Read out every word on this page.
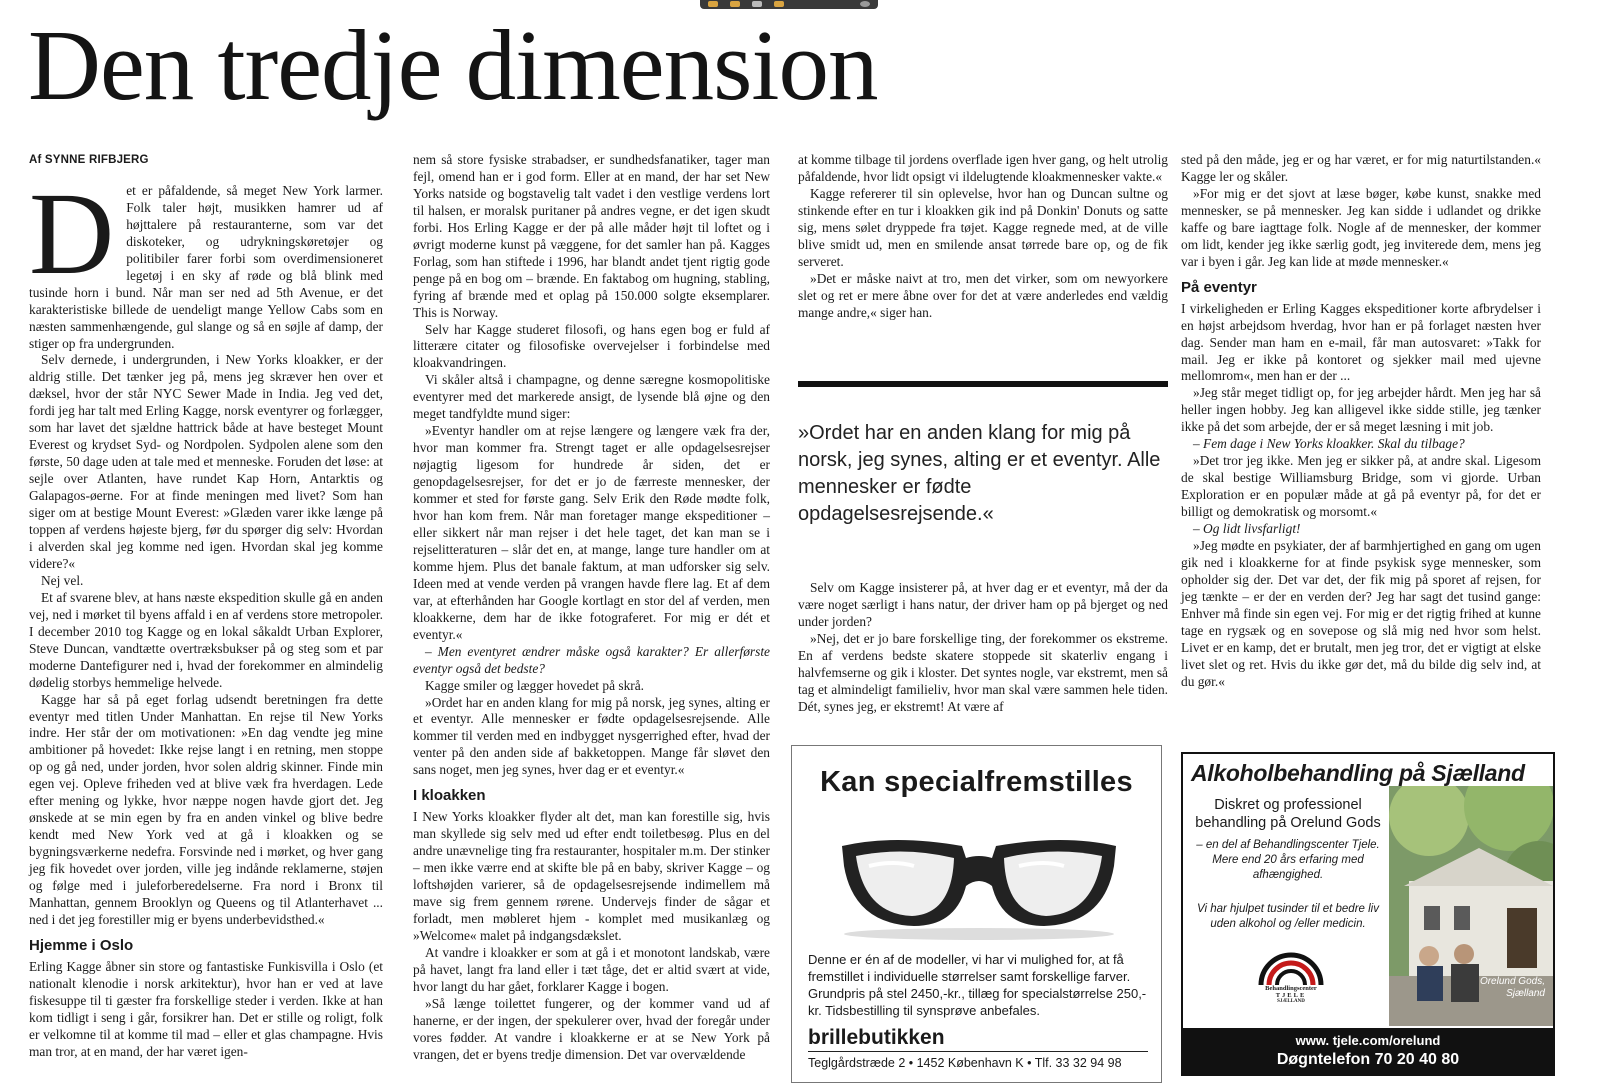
Den tredje dimension
Af SYNNE RIFBJERG
D et er påfaldende, så meget New York larmer. Folk taler højt, musikken hamrer ud af højttalere på restauranterne, som var det diskoteker, og udrykningskøretøjer og politibiler farer forbi som overdimensioneret legetøj i en sky af røde og blå blink med tusinde horn i bund. Når man ser ned ad 5th Avenue, er det karakteristiske billede de uendeligt mange Yellow Cabs som en næsten sammenhængende, gul slange og så en søjle af damp, der stiger op fra undergrunden.

Selv dernede, i undergrunden, i New Yorks kloakker, er der aldrig stille. Det tænker jeg på, mens jeg skræver hen over et dæksel, hvor der står NYC Sewer Made in India. Jeg ved det, fordi jeg har talt med Erling Kagge, norsk eventyrer og forlægger, som har lavet det sjældne hattrick både at have besteget Mount Everest og krydset Syd- og Nordpolen. Sydpolen alene som den første, 50 dage uden at tale med et menneske. Foruden det løse: at sejle over Atlanten, have rundet Kap Horn, Antarktis og Galapagos-øerne. For at finde meningen med livet? Som han siger om at bestige Mount Everest: »Glæden varer ikke længe på toppen af verdens højeste bjerg, før du spørger dig selv: Hvordan i alverden skal jeg komme ned igen. Hvordan skal jeg komme videre?«

Nej vel.

Et af svarene blev, at hans næste ekspedition skulle gå en anden vej, ned i mørket til byens affald i en af verdens store metropoler. I december 2010 tog Kagge og en lokal såkaldt Urban Explorer, Steve Duncan, vandtætte overtræksbukser på og steg som et par moderne Dantefigurer ned i, hvad der forekommer en almindelig dødelig storbys hemmelige helvede.

Kagge har så på eget forlag udsendt beretningen fra dette eventyr med titlen Under Manhattan. En rejse til New Yorks indre. Her står der om motivationen: »En dag vendte jeg mine ambitioner på hovedet: Ikke rejse langt i en retning, men stoppe op og gå ned, under jorden, hvor solen aldrig skinner. Finde min egen vej. Opleve friheden ved at blive væk fra hverdagen. Lede efter mening og lykke, hvor næppe nogen havde gjort det. Jeg ønskede at se min egen by fra en anden vinkel og blive bedre kendt med New York ved at gå i kloakken og se bygningsværkerne nedefra. Forsvinde ned i mørket, og hver gang jeg fik hovedet over jorden, ville jeg indånde reklamerne, støjen og følge med i juleforberedelserne. Fra nord i Bronx til Manhattan, gennem Brooklyn og Queens og til Atlanterhavet ... ned i det jeg forestiller mig er byens underbevidsthed.«

Hjemme i Oslo

Erling Kagge åbner sin store og fantastiske Funkisvilla i Oslo (et nationalt klenodie i norsk arkitektur), hvor han er ved at lave fiskesuppe til ti gæster fra forskellige steder i verden. Ikke at han kom tidligt i seng i går, forsikrer han. Det er stille og roligt, folk er velkomne til at komme til mad – eller et glas champagne. Hvis man tror, at en mand, der har været igen-

nem så store fysiske strabadser, er sundhedsfanatiker, tager man fejl, omend han er i god form. Eller at en mand, der har set New Yorks natside og bogstavelig talt vadet i den vestlige verdens lort til halsen, er moralsk puritaner på andres vegne, er det igen skudt forbi. Hos Erling Kagge er der på alle måder højt til loftet og i øvrigt moderne kunst på væggene, for det samler han på. Kagges Forlag, som han stiftede i 1996, har blandt andet tjent rigtig gode penge på en bog om – brænde. En faktabog om hugning, stabling, fyring af brænde med et oplag på 150.000 solgte eksemplarer. This is Norway.

Selv har Kagge studeret filosofi, og hans egen bog er fuld af litterære citater og filosofiske overvejelser i forbindelse med kloakvandringen.

Vi skåler altså i champagne, og denne særegne kosmopolitiske eventyrer med det markerede ansigt, de lysende blå øjne og den meget tandfyldte mund siger:

»Eventyr handler om at rejse længere og længere væk fra der, hvor man kommer fra. Strengt taget er alle opdagelsesrejser nøjagtig ligesom for hundrede år siden, det er genopdagelsesrejser, for det er jo de færreste mennesker, der kommer et sted for første gang. Selv Erik den Røde mødte folk, hvor han kom frem. Når man foretager mange ekspeditioner – eller sikkert når man rejser i det hele taget, det kan man se i rejselitteraturen – slår det en, at mange, lange ture handler om at komme hjem. Plus det banale faktum, at man udforsker sig selv. Ideen med at vende verden på vrangen havde flere lag. Et af dem var, at efterhånden har Google kortlagt en stor del af verden, men kloakkerne, dem har de ikke fotograferet. For mig er dét et eventyr.«

– Men eventyret ændrer måske også karakter? Er allerførste eventyr også det bedste?

Kagge smiler og lægger hovedet på skrå.

»Ordet har en anden klang for mig på norsk, jeg synes, alting er et eventyr. Alle mennesker er fødte opdagelsesrejsende. Alle kommer til verden med en indbygget nysgerrighed efter, hvad der venter på den anden side af bakketoppen. Mange får sløvet den sans noget, men jeg synes, hver dag er et eventyr.«

I kloakken

I New Yorks kloakker flyder alt det, man kan forestille sig, hvis man skyllede sig selv med ud efter endt toiletbesøg. Plus en del andre unævnelige ting fra restauranter, hospitaler m.m. Der stinker – men ikke værre end at skifte ble på en baby, skriver Kagge – og loftshøjden varierer, så de opdagelsesrejsende indimellem må mave sig frem gennem rørene. Undervejs finder de sågar et forladt, men møbleret hjem - komplet med musikanlæg og »Welcome« malet på indgangsdækslet.

At vandre i kloakker er som at gå i et monotont landskab, være på havet, langt fra land eller i tæt tåge, det er altid svært at vide, hvor langt du har gået, forklarer Kagge i bogen.

»Så længe toilettet fungerer, og der kommer vand ud af hanerne, er der ingen, der spekulerer over, hvad der foregår under vores fødder. At vandre i kloakkerne er at se New York på vrangen, det er byens tredje dimension. Det var overvældende

at komme tilbage til jordens overflade igen hver gang, og helt utrolig påfaldende, hvor lidt opsigt vi ildelugtende kloakmennesker vakte.«

Kagge refererer til sin oplevelse, hvor han og Duncan sultne og stinkende efter en tur i kloakken gik ind på Donkin' Donuts og satte sig, mens sølet dryppede fra tøjet. Kagge regnede med, at de ville blive smidt ud, men en smilende ansat tørrede bare op, og de fik serveret.

»Det er måske naivt at tro, men det virker, som om newyorkere slet og ret er mere åbne over for det at være anderledes end vældig mange andre,« siger han.

»Ordet har en anden klang for mig på norsk, jeg synes, alting er et eventyr. Alle mennesker er fødte opdagelsesrejsende.«

Selv om Kagge insisterer på, at hver dag er et eventyr, må der da være noget særligt i hans natur, der driver ham op på bjerget og ned under jorden?

»Nej, det er jo bare forskellige ting, der forekommer os ekstreme. En af verdens bedste skatere stoppede sit skaterliv engang i halvfemserne og gik i kloster. Det syntes nogle, var ekstremt, men så tag et almindeligt familieliv, hvor man skal være sammen hele tiden. Dét, synes jeg, er ekstremt! At være af

sted på den måde, jeg er og har været, er for mig naturtilstanden.« Kagge ler og skåler.

»For mig er det sjovt at læse bøger, købe kunst, snakke med mennesker, se på mennesker. Jeg kan sidde i udlandet og drikke kaffe og bare iagttage folk. Nogle af de mennesker, der kommer om lidt, kender jeg ikke særlig godt, jeg inviterede dem, mens jeg var i byen i går. Jeg kan lide at møde mennesker.«

På eventyr

I virkeligheden er Erling Kagges ekspeditioner korte afbrydelser i en højst arbejdsom hverdag, hvor han er på forlaget næsten hver dag. Sender man ham en e-mail, får man autosvaret: »Takk for mail. Jeg er ikke på kontoret og sjekker mail med ujevne mellomrom«, men han er der ...

»Jeg står meget tidligt op, for jeg arbejder hårdt. Men jeg har så heller ingen hobby. Jeg kan alligevel ikke sidde stille, jeg tænker ikke på det som arbejde, der er så meget læsning i mit job.

– Fem dage i New Yorks kloakker. Skal du tilbage?

»Det tror jeg ikke. Men jeg er sikker på, at andre skal. Ligesom de skal bestige Williamsburg Bridge, som vi gjorde. Urban Exploration er en populær måde at gå på eventyr på, for det er billigt og demokratisk og morsomt.«

– Og lidt livsfarligt!

»Jeg mødte en psykiater, der af barmhjertighed en gang om ugen gik ned i kloakkerne for at finde psykisk syge mennesker, som opholder sig der. Det var det, der fik mig på sporet af rejsen, for jeg tænkte – er der en verden der? Jeg har sagt det tusind gange: Enhver må finde sin egen vej. For mig er det rigtig frihed at kunne tage en rygsæk og en sovepose og slå mig ned hvor som helst. Livet er en kamp, det er brutalt, men jeg tror, det er vigtigt at elske livet slet og ret. Hvis du ikke gør det, må du bilde dig selv ind, at du gør.«

Kan specialfremstilles
Denne er én af de modeller, vi har vi mulighed for, at få fremstillet i individuelle størrelser samt forskellige farver. Grundpris på stel 2450,-kr., tillæg for specialstørrelse 250,- kr. Tidsbestilling til synsprøve anbefales.
brillebutikken
Teglgårdstræde 2 • 1452 København K • Tlf. 33 32 94 98
Alkoholbehandling på Sjælland
Diskret og professionel behandling på Orelund Gods
– en del af Behandlingscenter Tjele. Mere end 20 års erfaring med afhængighed.
Vi har hjulpet tusinder til et bedre liv uden alkohol og /eller medicin.
Behandlingscenter
TJELE
SJÆLLAND
Orelund Gods, Sjælland
www. tjele.com/orelund
Døgntelefon 70 20 40 80
